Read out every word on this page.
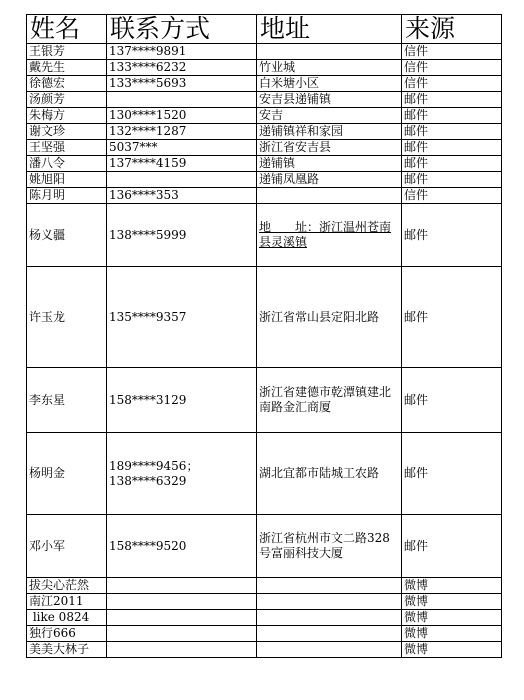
姓名	联系方式	地址	来源
王银芳	137****9891		信件
戴先生	133****6232	竹业城	信件
徐德宏	133****5693	白米塘小区	信件
汤颜芳		安吉县递铺镇	邮件
朱梅方	130****1520	安吉	邮件
谢文珍	132****1287	递铺镇祥和家园	邮件
王坚强	5037***	浙江省安吉县	邮件
潘八令	137****4159	递铺镇	邮件
姚旭阳		递铺凤凰路	邮件
陈月明	136****353		信件
杨义疆	138****5999	地　　址：浙江温州苍南县灵溪镇	邮件
许玉龙	135****9357	浙江省常山县定阳北路	邮件
李东星	158****3129	浙江省建德市乾潭镇建北南路金汇商厦	邮件
杨明金	189****9456；138****6329	湖北宜都市陆城工农路	邮件
邓小军	158****9520	浙江省杭州市文二路328号富丽科技大厦	邮件
拔尖心茫然			微博
南江2011			微博
like 0824			微博
独行666			微博
美美大林子			微博
